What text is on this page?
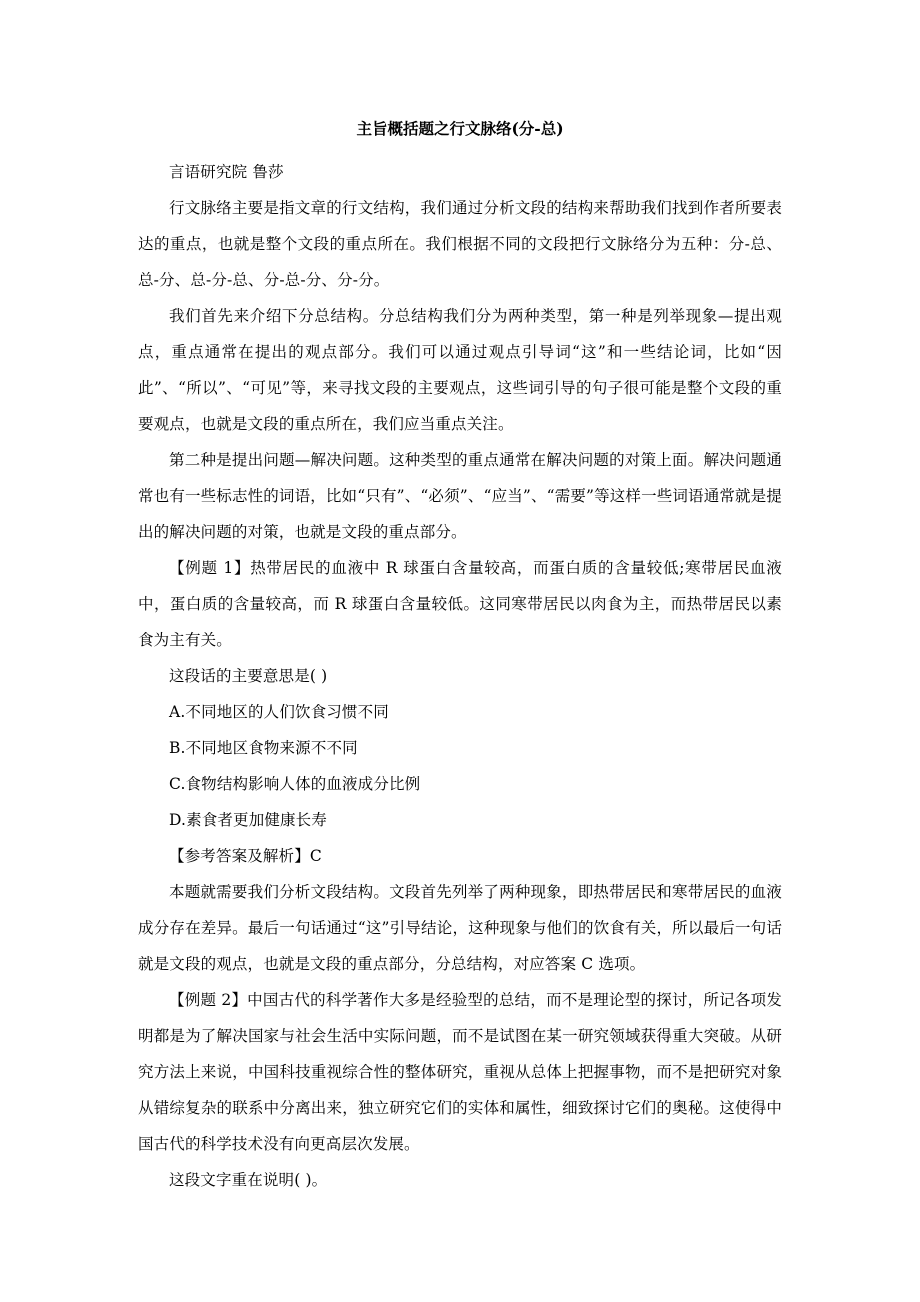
主旨概括题之行文脉络(分-总)

言语研究院 鲁莎

行文脉络主要是指文章的行文结构，我们通过分析文段的结构来帮助我们找到作者所要表达的重点，也就是整个文段的重点所在。我们根据不同的文段把行文脉络分为五种：分-总、总-分、总-分-总、分-总-分、分-分。

我们首先来介绍下分总结构。分总结构我们分为两种类型，第一种是列举现象—提出观点，重点通常在提出的观点部分。我们可以通过观点引导词“这”和一些结论词，比如“因此”、“所以”、“可见”等，来寻找文段的主要观点，这些词引导的句子很可能是整个文段的重要观点，也就是文段的重点所在，我们应当重点关注。

第二种是提出问题—解决问题。这种类型的重点通常在解决问题的对策上面。解决问题通常也有一些标志性的词语，比如“只有”、“必须”、“应当”、“需要”等这样一些词语通常就是提出的解决问题的对策，也就是文段的重点部分。

【例题 1】热带居民的血液中 R 球蛋白含量较高，而蛋白质的含量较低;寒带居民血液中，蛋白质的含量较高，而 R 球蛋白含量较低。这同寒带居民以肉食为主，而热带居民以素食为主有关。

这段话的主要意思是( )

A.不同地区的人们饮食习惯不同

B.不同地区食物来源不不同

C.食物结构影响人体的血液成分比例

D.素食者更加健康长寿

【参考答案及解析】C

本题就需要我们分析文段结构。文段首先列举了两种现象，即热带居民和寒带居民的血液成分存在差异。最后一句话通过“这”引导结论，这种现象与他们的饮食有关，所以最后一句话就是文段的观点，也就是文段的重点部分，分总结构，对应答案 C 选项。

【例题 2】中国古代的科学著作大多是经验型的总结，而不是理论型的探讨，所记各项发明都是为了解决国家与社会生活中实际问题，而不是试图在某一研究领域获得重大突破。从研究方法上来说，中国科技重视综合性的整体研究，重视从总体上把握事物，而不是把研究对象从错综复杂的联系中分离出来，独立研究它们的实体和属性，细致探讨它们的奥秘。这使得中国古代的科学技术没有向更高层次发展。

这段文字重在说明( )。
